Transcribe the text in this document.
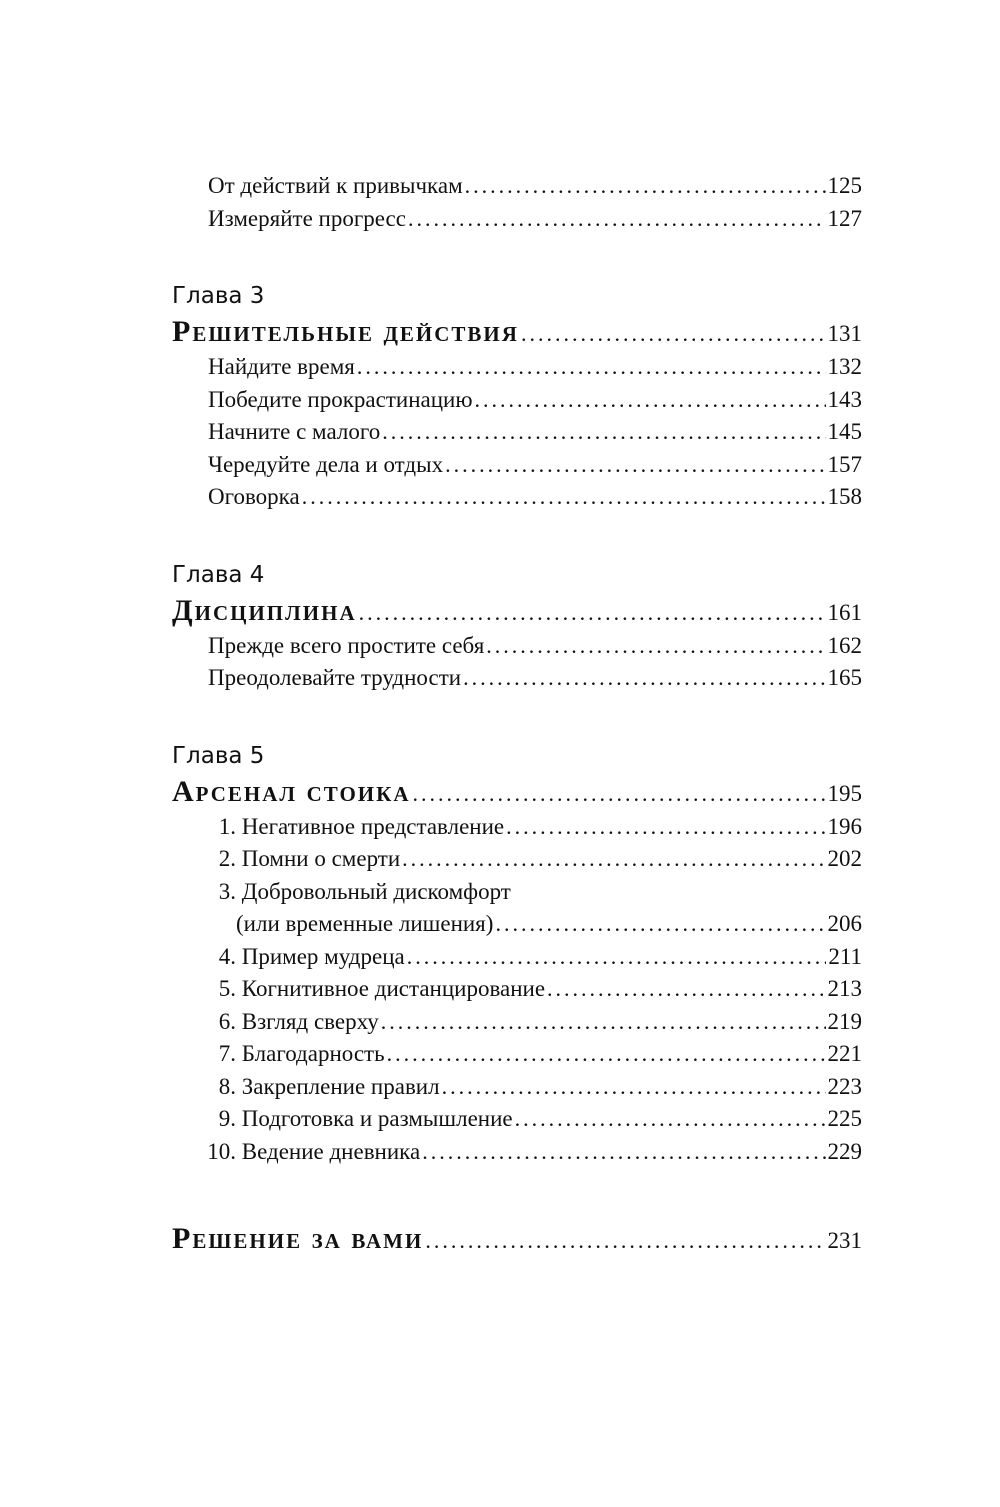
От действий к привычкам .....	125
Измеряйте прогресс .....	127
Глава 3
Решительные действия .....	131
Найдите время .....	132
Победите прокрастинацию .....	143
Начните с малого .....	145
Чередуйте дела и отдых .....	157
Оговорка .....	158
Глава 4
Дисциплина .....	161
Прежде всего простите себя .....	162
Преодолевайте трудности .....	165
Глава 5
Арсенал стоика .....	195
1. Негативное представление .....	196
2. Помни о смерти .....	202
3. Добровольный дискомфорт
(или временные лишения) .....	206
4. Пример мудреца .....	211
5. Когнитивное дистанцирование .....	213
6. Взгляд сверху .....	219
7. Благодарность .....	221
8. Закрепление правил .....	223
9. Подготовка и размышление .....	225
10. Ведение дневника .....	229
Решение за вами .....	231
